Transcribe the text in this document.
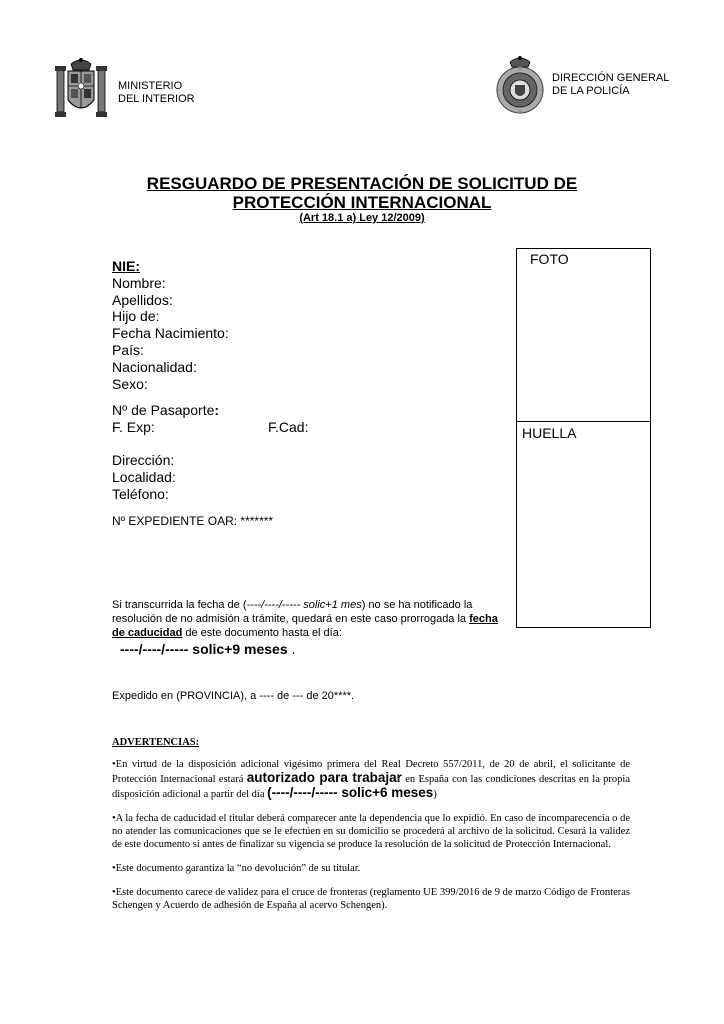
MINISTERIO
DEL INTERIOR
DIRECCIÓN GENERAL
DE LA POLICÍA
RESGUARDO DE PRESENTACIÓN DE SOLICITUD DE
PROTECCIÓN INTERNACIONAL
(Art 18.1 a) Ley 12/2009)
NIE:
Nombre:
Apellidos:
Hijo de:
Fecha Nacimiento:
País:
Nacionalidad:
Sexo:
Nº de Pasaporte:
F. Exp:	F.Cad:
Dirección:
Localidad:
Teléfono:
Nº EXPEDIENTE OAR: *******
FOTO
HUELLA
Si transcurrida la fecha de (----/----/----- solic+1 mes) no se ha notificado la resolución de no admisión a trámite, quedará en este caso prorrogada la fecha de caducidad de este documento hasta el día:
----/----/----- solic+9 meses .
Expedido en (PROVINCIA), a ---- de --- de 20****.
ADVERTENCIAS:

•En virtud de la disposición adicional vigésimo primera del Real Decreto 557/2011, de 20 de abril, el solicitante de Protección Internacional estará autorizado para trabajar en España con las condiciones descritas en la propia disposición adicional a partir del día (----/----/----- solic+6 meses)

•A la fecha de caducidad el titular deberá comparecer ante la dependencia que lo expidió. En caso de incomparecencia o de no atender las comunicaciones que se le efectúen en su domicilio se procederá al archivo de la solicitud. Cesará la validez de este documento si antes de finalizar su vigencia se produce la resolución de la solicitud de Protección Internacional.

•Este documento garantiza la “no devolución” de su titular.

•Este documento carece de validez para el cruce de fronteras (reglamento UE 399/2016 de 9 de marzo Código de Fronteras Schengen y Acuerdo de adhesión de España al acervo Schengen).
